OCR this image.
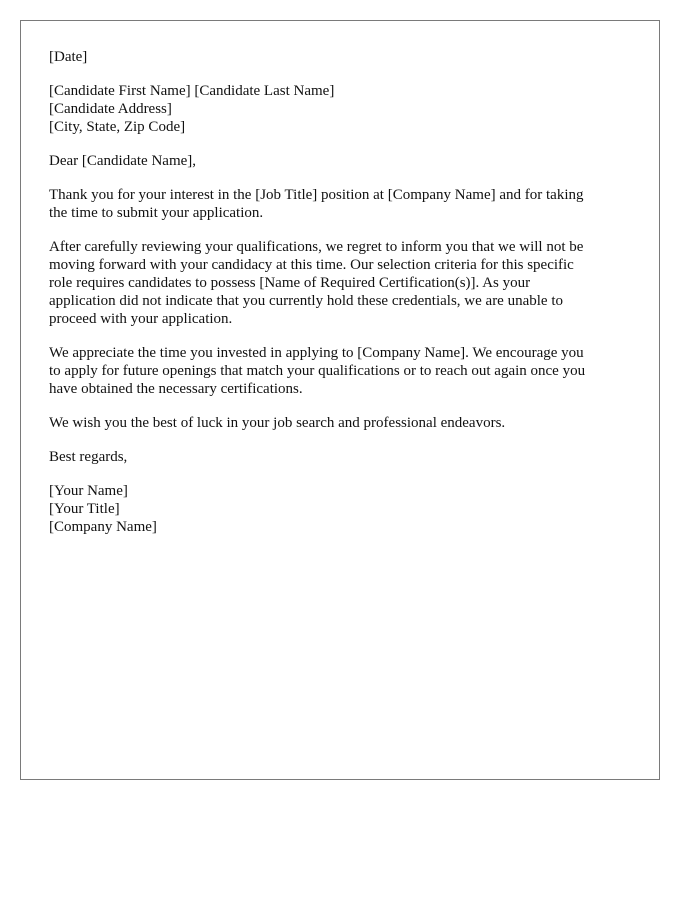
[Date]
[Candidate First Name] [Candidate Last Name]
[Candidate Address]
[City, State, Zip Code]
Dear [Candidate Name],
Thank you for your interest in the [Job Title] position at [Company Name] and for taking
the time to submit your application.
After carefully reviewing your qualifications, we regret to inform you that we will not be
moving forward with your candidacy at this time. Our selection criteria for this specific
role requires candidates to possess [Name of Required Certification(s)]. As your
application did not indicate that you currently hold these credentials, we are unable to
proceed with your application.
We appreciate the time you invested in applying to [Company Name]. We encourage you
to apply for future openings that match your qualifications or to reach out again once you
have obtained the necessary certifications.
We wish you the best of luck in your job search and professional endeavors.
Best regards,
[Your Name]
[Your Title]
[Company Name]
